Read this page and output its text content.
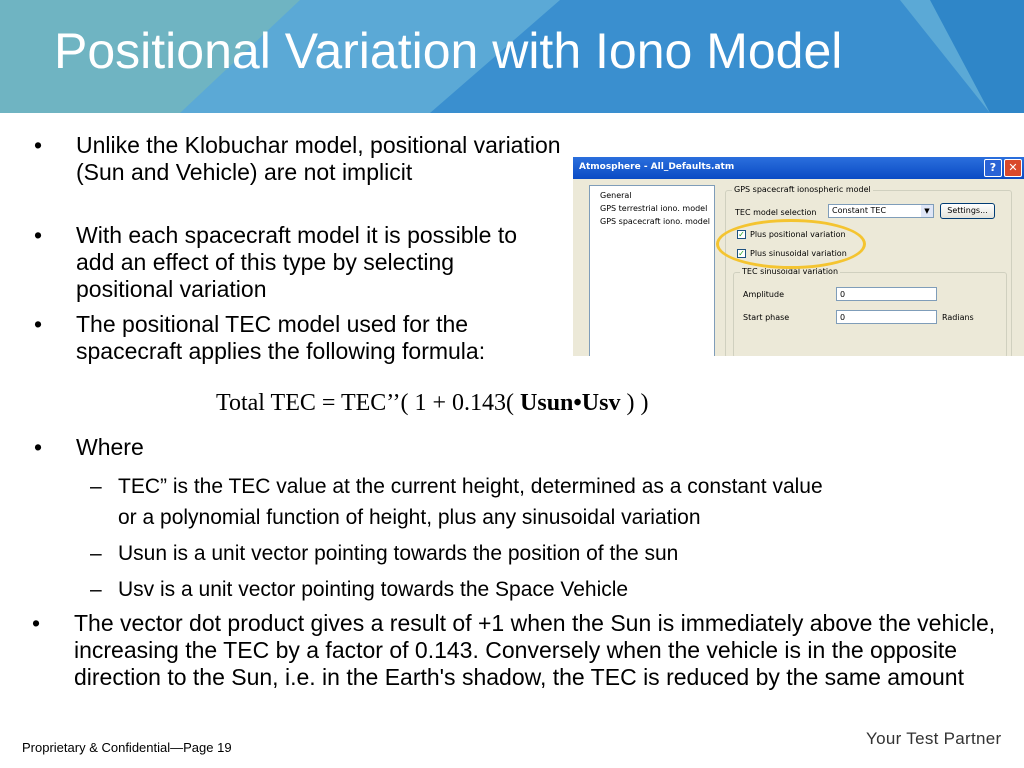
Positional Variation with Iono Model
• Unlike the Klobuchar model, positional variation (Sun and Vehicle) are not implicit
• With each spacecraft model it is possible to add an effect of this type by selecting positional variation
• The positional TEC model used for the spacecraft applies the following formula:
Total TEC = TEC’’( 1 + 0.143( Usun•Usv ) )
• Where
– TEC” is the TEC value at the current height, determined as a constant value
or a polynomial function of height, plus any sinusoidal variation
– Usun is a unit vector pointing towards the position of the sun
– Usv is a unit vector pointing towards the Space Vehicle
• The vector dot product gives a result of +1 when the Sun is immediately above the vehicle, increasing the TEC by a factor of 0.143. Conversely when the vehicle is in the opposite direction to the Sun, i.e. in the Earth's shadow, the TEC is reduced by the same amount
Atmosphere - All_Defaults.atm	?	✕
General
GPS terrestrial iono. model
GPS spacecraft iono. model
GPS spacecraft ionospheric model
TEC model selection	Constant TEC	▼	Settings...
✓ Plus positional variation
✓ Plus sinusoidal variation
TEC sinusoidal variation
Amplitude	0
Start phase	0	Radians
Proprietary & Confidential—Page 19	Your Test Partner
